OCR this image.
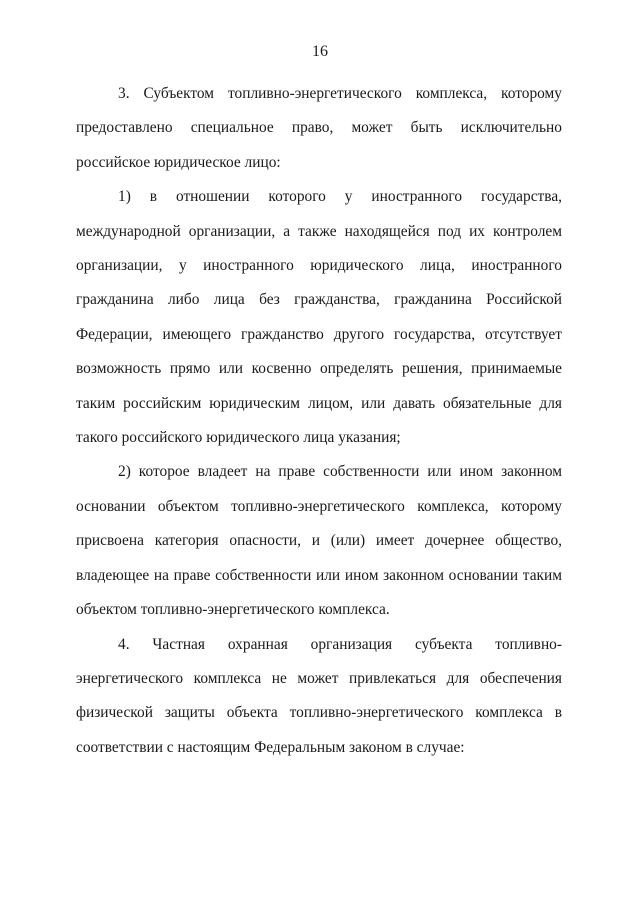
16

3. Субъектом топливно-энергетического комплекса, которому предоставлено специальное право, может быть исключительно российское юридическое лицо:

1) в отношении которого у иностранного государства, международной организации, а также находящейся под их контролем организации, у иностранного юридического лица, иностранного гражданина либо лица без гражданства, гражданина Российской Федерации, имеющего гражданство другого государства, отсутствует возможность прямо или косвенно определять решения, принимаемые таким российским юридическим лицом, или давать обязательные для такого российского юридического лица указания;

2) которое владеет на праве собственности или ином законном основании объектом топливно-энергетического комплекса, которому присвоена категория опасности, и (или) имеет дочернее общество, владеющее на праве собственности или ином законном основании таким объектом топливно-энергетического комплекса.

4. Частная охранная организация субъекта топливно-энергетического комплекса не может привлекаться для обеспечения физической защиты объекта топливно-энергетического комплекса в соответствии с настоящим Федеральным законом в случае:
